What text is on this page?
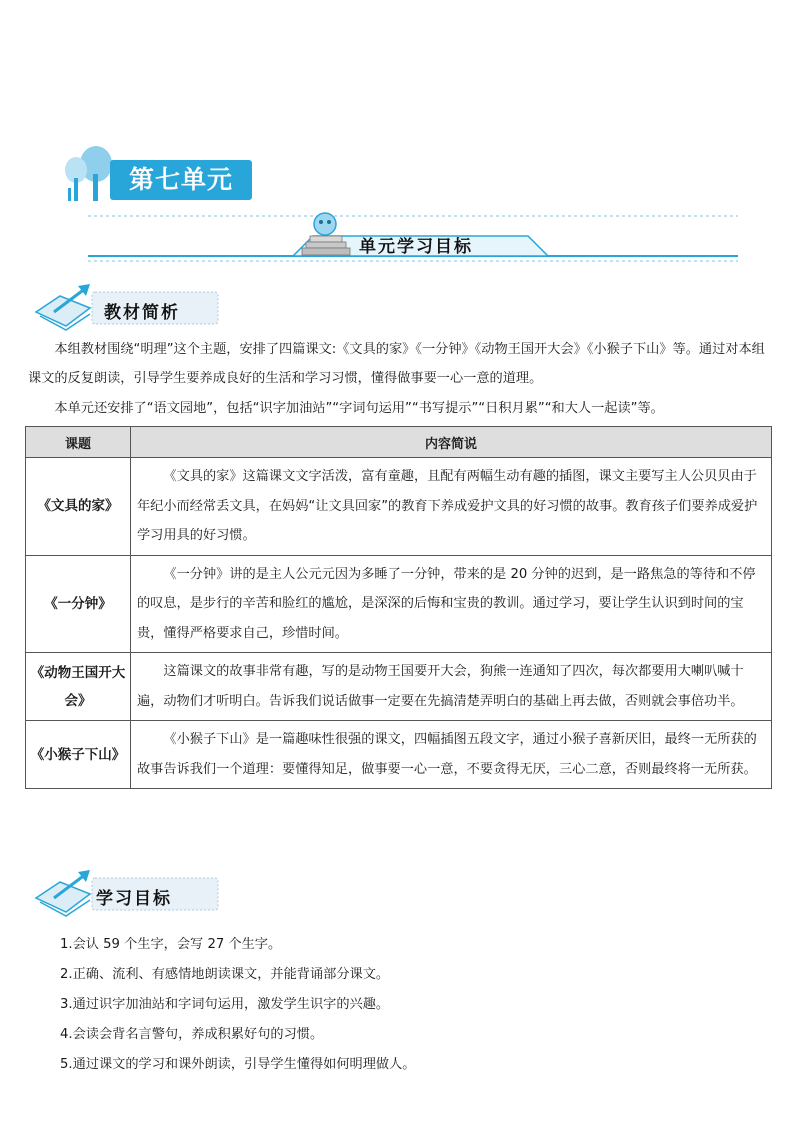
第七单元
单元学习目标
教材简析

本组教材围绕“明理”这个主题，安排了四篇课文:《文具的家》《一分钟》《动物王国开大会》《小猴子下山》等。通过对本组课文的反复朗读，引导学生要养成良好的生活和学习习惯，懂得做事要一心一意的道理。

本单元还安排了“语文园地”，包括“识字加油站”“字词句运用”“书写提示”“日积月累”“和大人一起读”等。

课题	内容简说
《文具的家》	《文具的家》这篇课文文字活泼，富有童趣，且配有两幅生动有趣的插图，课文主要写主人公贝贝由于年纪小而经常丢文具，在妈妈“让文具回家”的教育下养成爱护文具的好习惯的故事。教育孩子们要养成爱护学习用具的好习惯。
《一分钟》	《一分钟》讲的是主人公元元因为多睡了一分钟，带来的是 20 分钟的迟到，是一路焦急的等待和不停的叹息，是步行的辛苦和脸红的尴尬，是深深的后悔和宝贵的教训。通过学习，要让学生认识到时间的宝贵，懂得严格要求自己，珍惜时间。
《动物王国开大会》	这篇课文的故事非常有趣，写的是动物王国要开大会，狗熊一连通知了四次，每次都要用大喇叭喊十遍，动物们才听明白。告诉我们说话做事一定要在先搞清楚弄明白的基础上再去做，否则就会事倍功半。
《小猴子下山》	《小猴子下山》是一篇趣味性很强的课文，四幅插图五段文字，通过小猴子喜新厌旧，最终一无所获的故事告诉我们一个道理：要懂得知足，做事要一心一意，不要贪得无厌，三心二意，否则最终将一无所获。
学习目标
1.会认 59 个生字，会写 27 个生字。
2.正确、流利、有感情地朗读课文，并能背诵部分课文。
3.通过识字加油站和字词句运用，激发学生识字的兴趣。
4.会读会背名言警句，养成积累好句的习惯。
5.通过课文的学习和课外朗读，引导学生懂得如何明理做人。
